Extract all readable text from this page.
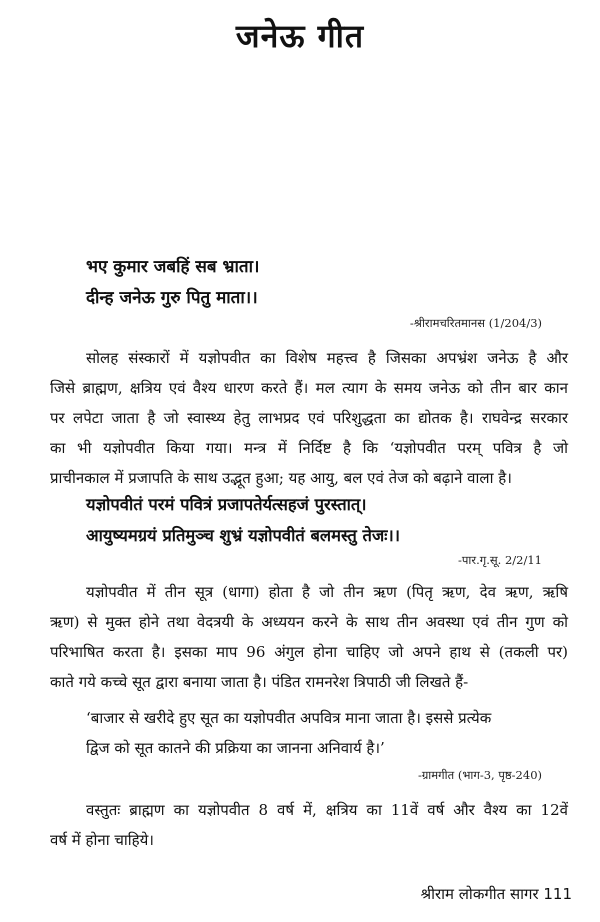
जनेऊ गीत
भए कुमार जबहिं सब भ्राता।
दीन्ह जनेऊ गुरु पितु माता।।
-श्रीरामचरितमानस (1/204/3)
सोलह संस्कारों में यज्ञोपवीत का विशेष महत्त्व है जिसका अपभ्रंश जनेऊ है और
जिसे ब्राह्मण, क्षत्रिय एवं वैश्य धारण करते हैं। मल त्याग के समय जनेऊ को तीन बार कान
पर लपेटा जाता है जो स्वास्थ्य हेतु लाभप्रद एवं परिशुद्धता का द्योतक है। राघवेन्द्र सरकार
का भी यज्ञोपवीत किया गया। मन्त्र में निर्दिष्ट है कि ‘यज्ञोपवीत परम् पवित्र है जो
प्राचीनकाल में प्रजापति के साथ उद्भूत हुआ; यह आयु, बल एवं तेज को बढ़ाने वाला है।
यज्ञोपवीतं परमं पवित्रं प्रजापतेर्यत्सहजं पुरस्तात्।
आयुष्यमग्रयं प्रतिमुञ्च शुभ्रं यज्ञोपवीतं बलमस्तु तेजः।।
-पार.गृ.सू. 2/2/11
यज्ञोपवीत में तीन सूत्र (धागा) होता है जो तीन ऋण (पितृ ऋण, देव ऋण, ऋषि
ऋण) से मुक्त होने तथा वेदत्रयी के अध्ययन करने के साथ तीन अवस्था एवं तीन गुण को
परिभाषित करता है। इसका माप 96 अंगुल होना चाहिए जो अपने हाथ से (तकली पर)
काते गये कच्चे सूत द्वारा बनाया जाता है। पंडित रामनरेश त्रिपाठी जी लिखते हैं-
‘बाजार से खरीदे हुए सूत का यज्ञोपवीत अपवित्र माना जाता है। इससे प्रत्येक
द्विज को सूत कातने की प्रक्रिया का जानना अनिवार्य है।’
-ग्रामगीत (भाग-3, पृष्ठ-240)
वस्तुतः ब्राह्मण का यज्ञोपवीत 8 वर्ष में, क्षत्रिय का 11वें वर्ष और वैश्य का 12वें
वर्ष में होना चाहिये।
श्रीराम लोकगीत सागर 111
